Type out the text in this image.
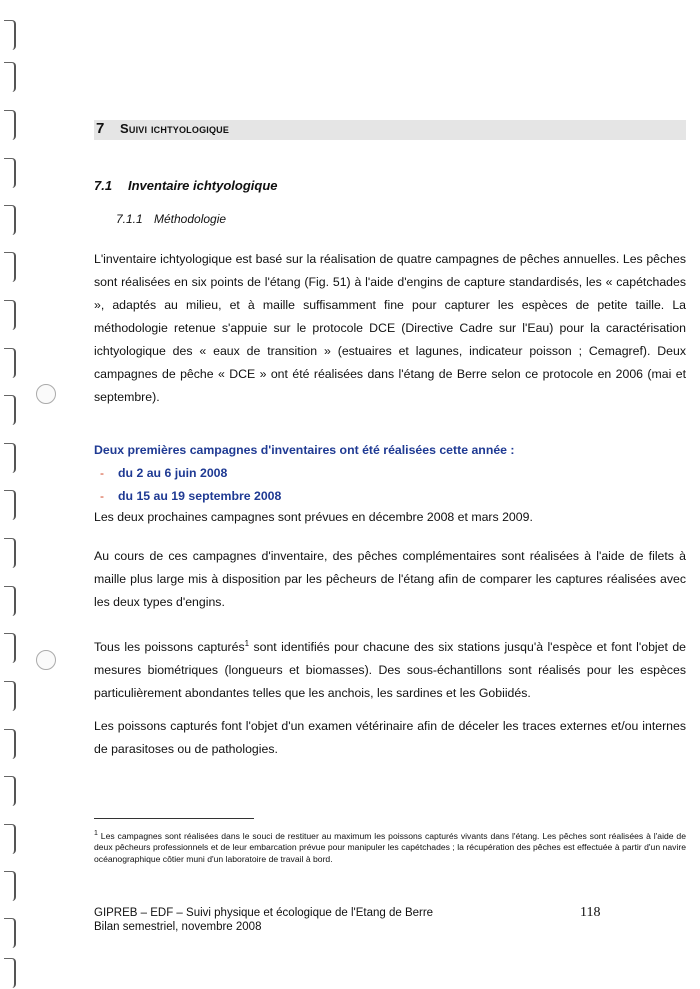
7 Suivi ichtyologique
7.1 Inventaire ichtyologique
7.1.1 Méthodologie

L'inventaire ichtyologique est basé sur la réalisation de quatre campagnes de pêches annuelles. Les pêches sont réalisées en six points de l'étang (Fig. 51) à l'aide d'engins de capture standardisés, les « capétchades », adaptés au milieu, et à maille suffisamment fine pour capturer les espèces de petite taille. La méthodologie retenue s'appuie sur le protocole DCE (Directive Cadre sur l'Eau) pour la caractérisation ichtyologique des « eaux de transition » (estuaires et lagunes, indicateur poisson ; Cemagref). Deux campagnes de pêche « DCE » ont été réalisées dans l'étang de Berre selon ce protocole en 2006 (mai et septembre).

Deux premières campagnes d'inventaires ont été réalisées cette année :
- du 2 au 6 juin 2008
- du 15 au 19 septembre 2008
Les deux prochaines campagnes sont prévues en décembre 2008 et mars 2009.

Au cours de ces campagnes d'inventaire, des pêches complémentaires sont réalisées à l'aide de filets à maille plus large mis à disposition par les pêcheurs de l'étang afin de comparer les captures réalisées avec les deux types d'engins.

Tous les poissons capturés$^1$ sont identifiés pour chacune des six stations jusqu'à l'espèce et font l'objet de mesures biométriques (longueurs et biomasses). Des sous-échantillons sont réalisés pour les espèces particulièrement abondantes telles que les anchois, les sardines et les Gobiidés.

Les poissons capturés font l'objet d'un examen vétérinaire afin de déceler les traces externes et/ou internes de parasitoses ou de pathologies.

$^1$ Les campagnes sont réalisées dans le souci de restituer au maximum les poissons capturés vivants dans l'étang. Les pêches sont réalisées à l'aide de deux pêcheurs professionnels et de leur embarcation prévue pour manipuler les capétchades ; la récupération des pêches est effectuée à partir d'un navire océanographique côtier muni d'un laboratoire de travail à bord.

GIPREB – EDF – Suivi physique et écologique de l'Etang de Berre
Bilan semestriel, novembre 2008
118
